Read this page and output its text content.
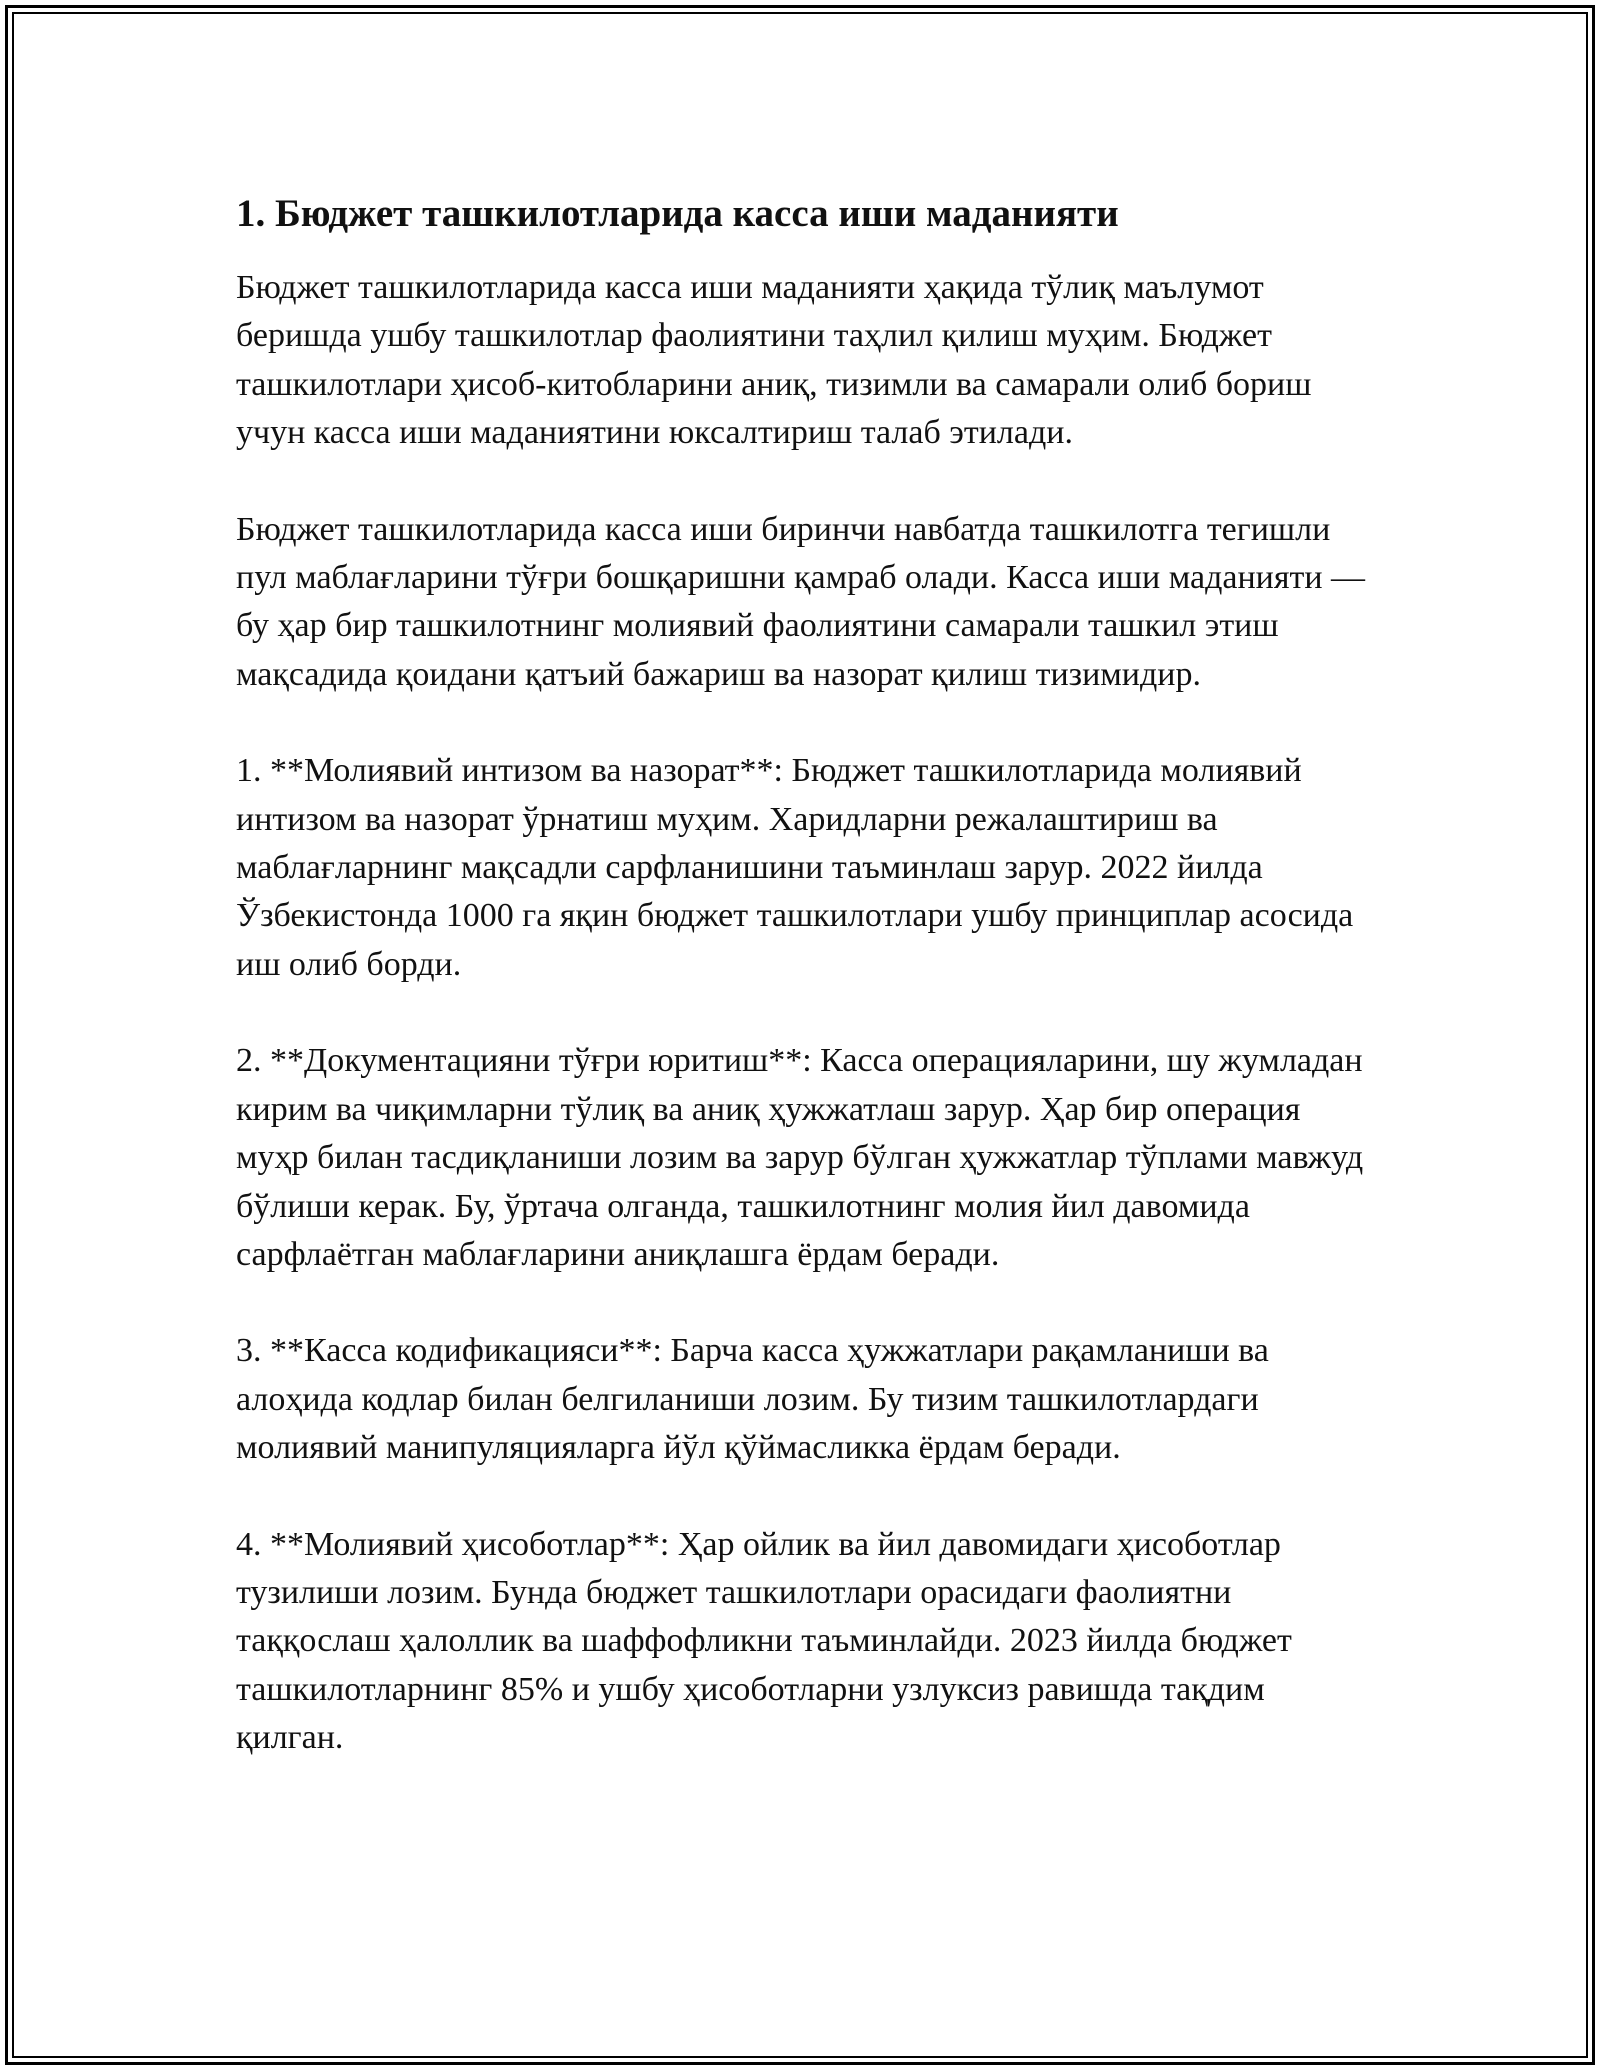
1. Бюджет ташкилотларида касса иши маданияти

Бюджет ташкилотларида касса иши маданияти ҳақида тўлиқ маълумот беришда ушбу ташкилотлар фаолиятини таҳлил қилиш муҳим. Бюджет ташкилотлари ҳисоб-китобларини аниқ, тизимли ва самарали олиб бориш учун касса иши маданиятини юксалтириш талаб этилади.

Бюджет ташкилотларида касса иши биринчи навбатда ташкилотга тегишли пул маблағларини тўғри бошқаришни қамраб олади. Касса иши маданияти — бу ҳар бир ташкилотнинг молиявий фаолиятини самарали ташкил этиш мақсадида қоидани қатъий бажариш ва назорат қилиш тизимидир.

1. **Молиявий интизом ва назорат**: Бюджет ташкилотларида молиявий интизом ва назорат ўрнатиш муҳим. Харидларни режалаштириш ва маблағларнинг мақсадли сарфланишини таъминлаш зарур. 2022 йилда Ўзбекистонда 1000 га яқин бюджет ташкилотлари ушбу принциплар асосида иш олиб борди.

2. **Документацияни тўғри юритиш**: Касса операцияларини, шу жумладан кирим ва чиқимларни тўлиқ ва аниқ ҳужжатлаш зарур. Ҳар бир операция муҳр билан тасдиқланиши лозим ва зарур бўлган ҳужжатлар тўплами мавжуд бўлиши керак. Бу, ўртача олганда, ташкилотнинг молия йил давомида сарфлаётган маблағларини аниқлашга ёрдам беради.

3. **Касса кодификацияси**: Барча касса ҳужжатлари рақамланиши ва алоҳида кодлар билан белгиланиши лозим. Бу тизим ташкилотлардаги молиявий манипуляцияларга йўл қўймасликка ёрдам беради.

4. **Молиявий ҳисоботлар**: Ҳар ойлик ва йил давомидаги ҳисоботлар тузилиши лозим. Бунда бюджет ташкилотлари орасидаги фаолиятни таққослаш ҳалоллик ва шаффофликни таъминлайди. 2023 йилда бюджет ташкилотларнинг 85% и ушбу ҳисоботларни узлуксиз равишда тақдим қилган.
